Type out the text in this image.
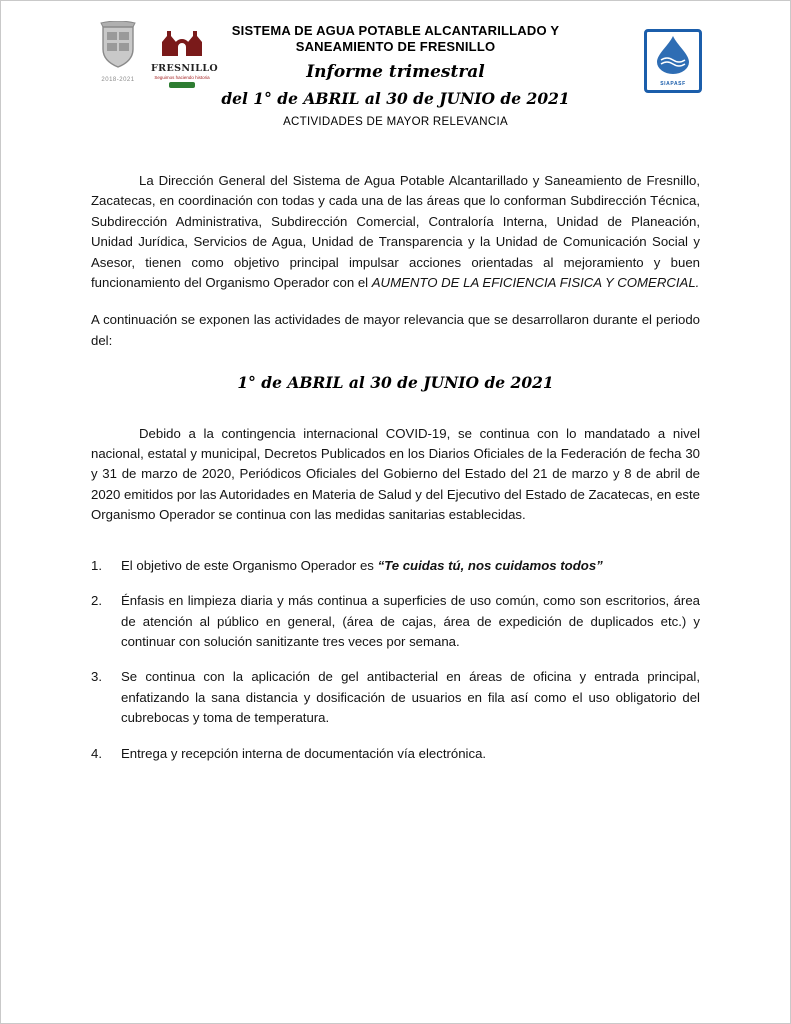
2018-2021
FRESNILLO
Seguimos haciendo historia
SISTEMA DE AGUA POTABLE ALCANTARILLADO Y
SANEAMIENTO DE FRESNILLO
Informe trimestral
del 1° de ABRIL al 30 de JUNIO de 2021
ACTIVIDADES DE MAYOR RELEVANCIA
SIAPASF

La Dirección General del Sistema de Agua Potable Alcantarillado y Saneamiento de Fresnillo, Zacatecas, en coordinación con todas y cada una de las áreas que lo conforman Subdirección Técnica, Subdirección Administrativa, Subdirección Comercial, Contraloría Interna, Unidad de Planeación, Unidad Jurídica, Servicios de Agua, Unidad de Transparencia y la Unidad de Comunicación Social y Asesor, tienen como objetivo principal impulsar acciones orientadas al mejoramiento y buen funcionamiento del Organismo Operador con el AUMENTO DE LA EFICIENCIA FISICA Y COMERCIAL.

A continuación se exponen las actividades de mayor relevancia que se desarrollaron durante el periodo del:

1° de ABRIL al 30 de JUNIO de 2021

Debido a la contingencia internacional COVID-19, se continua con lo mandatado a nivel nacional, estatal y municipal, Decretos Publicados en los Diarios Oficiales de la Federación de fecha 30 y 31 de marzo de 2020, Periódicos Oficiales del Gobierno del Estado del 21 de marzo y 8 de abril de 2020 emitidos por las Autoridades en Materia de Salud y del Ejecutivo del Estado de Zacatecas, en este Organismo Operador se continua con las medidas sanitarias establecidas.

1.	El objetivo de este Organismo Operador es “Te cuidas tú, nos cuidamos todos”
2.	Énfasis en limpieza diaria y más continua a superficies de uso común, como son escritorios, área de atención al público en general, (área de cajas, área de expedición de duplicados etc.) y continuar con solución sanitizante tres veces por semana.
3.	Se continua con la aplicación de gel antibacterial en áreas de oficina y entrada principal, enfatizando la sana distancia y dosificación de usuarios en fila así como el uso obligatorio del cubrebocas y toma de temperatura.
4.	Entrega y recepción interna de documentación vía electrónica.
